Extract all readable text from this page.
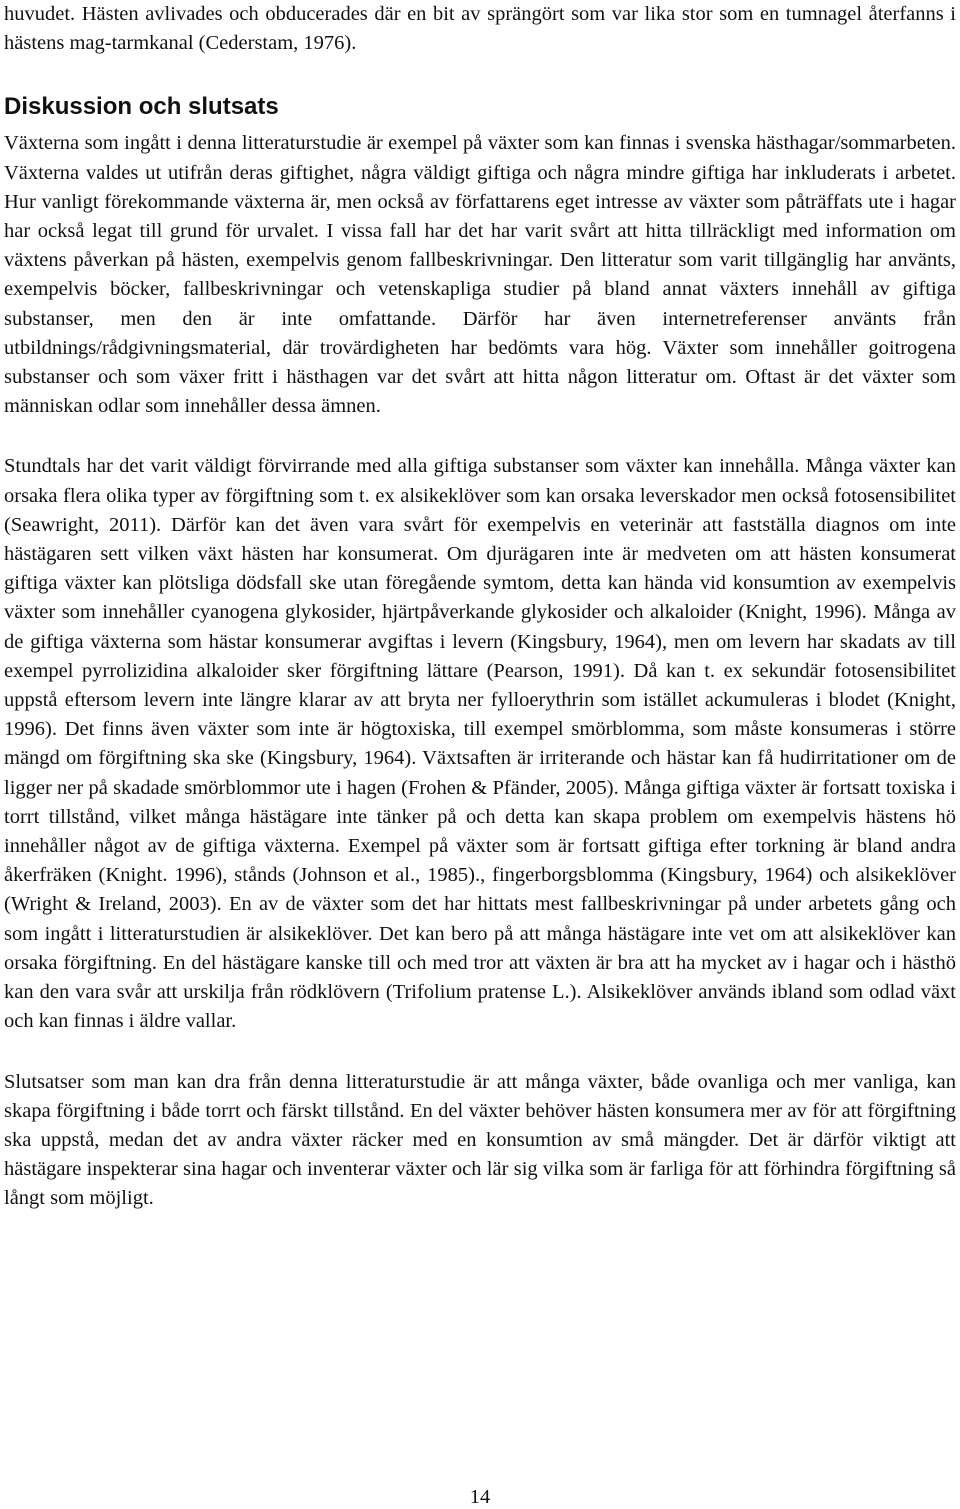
huvudet. Hästen avlivades och obducerades där en bit av sprängört som var lika stor som en tumnagel återfanns i hästens mag-tarmkanal (Cederstam, 1976).

Diskussion och slutsats

Växterna som ingått i denna litteraturstudie är exempel på växter som kan finnas i svenska hästhagar/sommarbeten. Växterna valdes ut utifrån deras giftighet, några väldigt giftiga och några mindre giftiga har inkluderats i arbetet. Hur vanligt förekommande växterna är, men också av författarens eget intresse av växter som påträffats ute i hagar har också legat till grund för urvalet. I vissa fall har det har varit svårt att hitta tillräckligt med information om växtens påverkan på hästen, exempelvis genom fallbeskrivningar. Den litteratur som varit tillgänglig har använts, exempelvis böcker, fallbeskrivningar och vetenskapliga studier på bland annat växters innehåll av giftiga substanser, men den är inte omfattande. Därför har även internetreferenser använts från utbildnings/rådgivningsmaterial, där trovärdigheten har bedömts vara hög. Växter som innehåller goitrogena substanser och som växer fritt i hästhagen var det svårt att hitta någon litteratur om. Oftast är det växter som människan odlar som innehåller dessa ämnen.

Stundtals har det varit väldigt förvirrande med alla giftiga substanser som växter kan innehålla. Många växter kan orsaka flera olika typer av förgiftning som t. ex alsikeklöver som kan orsaka leverskador men också fotosensibilitet (Seawright, 2011). Därför kan det även vara svårt för exempelvis en veterinär att fastställa diagnos om inte hästägaren sett vilken växt hästen har konsumerat. Om djurägaren inte är medveten om att hästen konsumerat giftiga växter kan plötsliga dödsfall ske utan föregående symtom, detta kan hända vid konsumtion av exempelvis växter som innehåller cyanogena glykosider, hjärtpåverkande glykosider och alkaloider (Knight, 1996). Många av de giftiga växterna som hästar konsumerar avgiftas i levern (Kingsbury, 1964), men om levern har skadats av till exempel pyrrolizidina alkaloider sker förgiftning lättare (Pearson, 1991). Då kan t. ex sekundär fotosensibilitet uppstå eftersom levern inte längre klarar av att bryta ner fylloerythrin som istället ackumuleras i blodet (Knight, 1996). Det finns även växter som inte är högtoxiska, till exempel smörblomma, som måste konsumeras i större mängd om förgiftning ska ske (Kingsbury, 1964). Växtsaften är irriterande och hästar kan få hudirritationer om de ligger ner på skadade smörblommor ute i hagen (Frohen & Pfänder, 2005). Många giftiga växter är fortsatt toxiska i torrt tillstånd, vilket många hästägare inte tänker på och detta kan skapa problem om exempelvis hästens hö innehåller något av de giftiga växterna. Exempel på växter som är fortsatt giftiga efter torkning är bland andra åkerfräken (Knight. 1996), stånds (Johnson et al., 1985)., fingerborgsblomma (Kingsbury, 1964) och alsikeklöver (Wright & Ireland, 2003). En av de växter som det har hittats mest fallbeskrivningar på under arbetets gång och som ingått i litteraturstudien är alsikeklöver. Det kan bero på att många hästägare inte vet om att alsikeklöver kan orsaka förgiftning. En del hästägare kanske till och med tror att växten är bra att ha mycket av i hagar och i hästhö kan den vara svår att urskilja från rödklövern (Trifolium pratense L.). Alsikeklöver används ibland som odlad växt och kan finnas i äldre vallar.

Slutsatser som man kan dra från denna litteraturstudie är att många växter, både ovanliga och mer vanliga, kan skapa förgiftning i både torrt och färskt tillstånd. En del växter behöver hästen konsumera mer av för att förgiftning ska uppstå, medan det av andra växter räcker med en konsumtion av små mängder. Det är därför viktigt att hästägare inspekterar sina hagar och inventerar växter och lär sig vilka som är farliga för att förhindra förgiftning så långt som möjligt.

14
